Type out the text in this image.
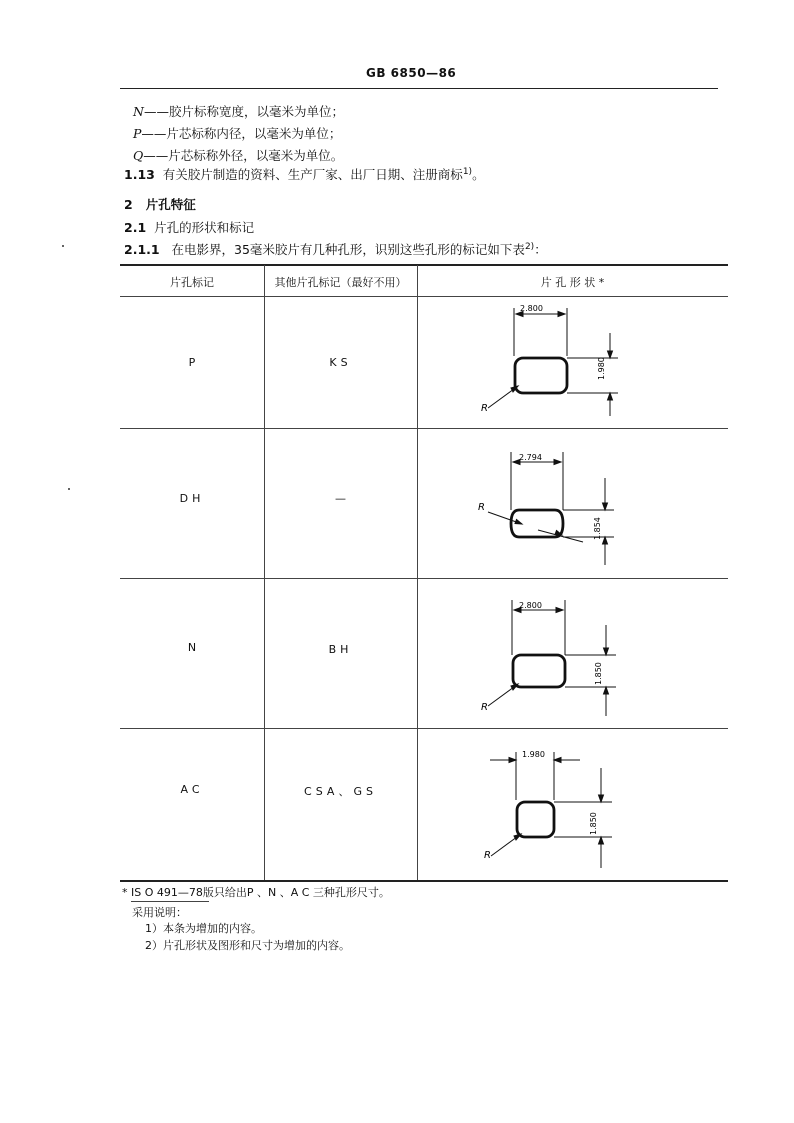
GB 6850—86
N——胶片标称宽度，以毫米为单位；
P——片芯标称内径，以毫米为单位；
Q——片芯标称外径，以毫米为单位。
1.13 有关胶片制造的资料、生产厂家、出厂日期、注册商标$^{1)}$。
2 片孔特征
2.1 片孔的形状和标记
2.1.1 在电影界，35毫米胶片有几种孔形，识别这些孔形的标记如下表$^{2)}$：
片孔标记	其他片孔标记（最好不用）	片 孔 形 状 *
P	KS
2.800
1.980
R
DH	—
2.794
1.854
R
N	BH
2.800
1.850
R
AC	CSA、GS
1.980
1.850
R
* IS O 491—78版只给出P 、N 、A C 三种孔形尺寸。
采用说明：
1）本条为增加的内容。
2）片孔形状及图形和尺寸为增加的内容。
